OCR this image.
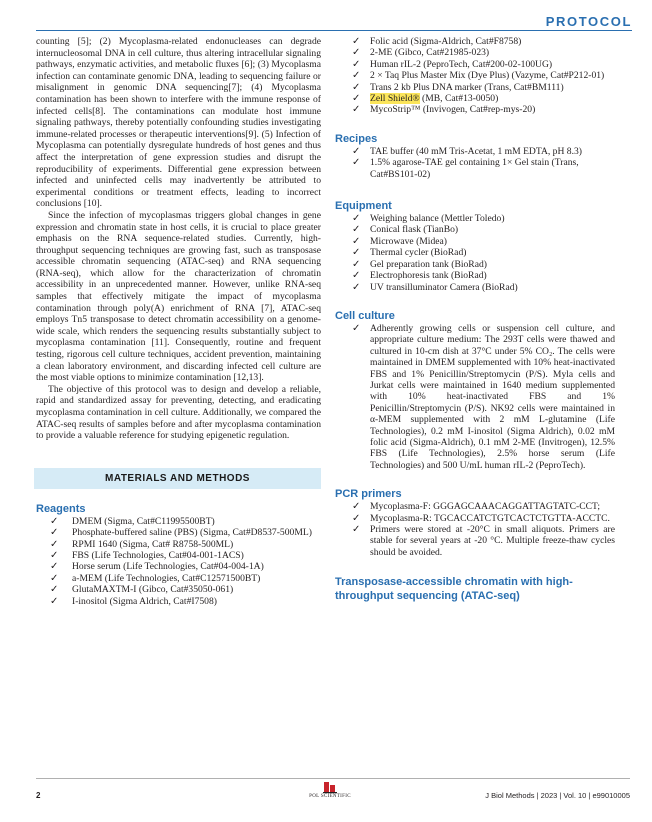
PROTOCOL

counting [5]; (2) Mycoplasma-related endonucleases can degrade internucleosomal DNA in cell culture, thus altering intracellular signaling pathways, enzymatic activities, and metabolic fluxes [6]; (3) Mycoplasma infection can contaminate genomic DNA, leading to sequencing failure or misalignment in genomic DNA sequencing[7]; (4) Mycoplasma contamination has been shown to interfere with the immune response of infected cells[8]. The contaminations can modulate host immune signaling pathways, thereby potentially confounding studies investigating immune-related processes or therapeutic interventions[9]. (5) Infection of Mycoplasma can potentially dysregulate hundreds of host genes and thus affect the interpretation of gene expression studies and disrupt the reproducibility of experiments. Differential gene expression between infected and uninfected cells may inadvertently be attributed to experimental conditions or treatment effects, leading to incorrect conclusions [10].

Since the infection of mycoplasmas triggers global changes in gene expression and chromatin state in host cells, it is crucial to place greater emphasis on the RNA sequence-related studies. Currently, high-throughput sequencing techniques are growing fast, such as transposase accessible chromatin sequencing (ATAC-seq) and RNA sequencing (RNA-seq), which allow for the characterization of chromatin accessibility in an unprecedented manner. However, unlike RNA-seq samples that effectively mitigate the impact of mycoplasma contamination through poly(A) enrichment of RNA [7], ATAC-seq employs Tn5 transposase to detect chromatin accessibility on a genome-wide scale, which renders the sequencing results substantially subject to mycoplasma contamination [11]. Consequently, routine and frequent testing, rigorous cell culture techniques, accident prevention, maintaining a clean laboratory environment, and discarding infected cell culture are the most viable options to minimize contamination [12,13].

The objective of this protocol was to design and develop a reliable, rapid and standardized assay for preventing, detecting, and eradicating mycoplasma contamination in cell culture. Additionally, we compared the ATAC-seq results of samples before and after mycoplasma contamination to provide a valuable reference for studying epigenetic regulation.

MATERIALS AND METHODS
Reagents
✓ DMEM (Sigma, Cat#C11995500BT)
✓ Phosphate-buffered saline (PBS) (Sigma, Cat#D8537-500ML)
✓ RPMI 1640 (Sigma, Cat# R8758-500ML)
✓ FBS (Life Technologies, Cat#04-001-1ACS)
✓ Horse serum (Life Technologies, Cat#04-004-1A)
✓ a-MEM (Life Technologies, Cat#C12571500BT)
✓ GlutaMAXTM-I (Gibco, Cat#35050-061)
✓ I-inositol (Sigma Aldrich, Cat#I7508)
✓ Folic acid (Sigma-Aldrich, Cat#F8758)
✓ 2-ME (Gibco, Cat#21985-023)
✓ Human rIL-2 (PeproTech, Cat#200-02-100UG)
✓ 2 × Taq Plus Master Mix (Dye Plus) (Vazyme, Cat#P212-01)
✓ Trans 2 kb Plus DNA marker (Trans, Cat#BM111)
✓ Zell Shield® (MB, Cat#13-0050)
✓ MycoStrip™ (Invivogen, Cat#rep-mys-20)
Recipes
✓ TAE buffer (40 mM Tris-Acetat, 1 mM EDTA, pH 8.3)
✓ 1.5% agarose-TAE gel containing 1× Gel stain (Trans, Cat#BS101-02)
Equipment
✓ Weighing balance (Mettler Toledo)
✓ Conical flask (TianBo)
✓ Microwave (Midea)
✓ Thermal cycler (BioRad)
✓ Gel preparation tank (BioRad)
✓ Electrophoresis tank (BioRad)
✓ UV transilluminator Camera (BioRad)
Cell culture
✓ Adherently growing cells or suspension cell culture, and appropriate culture medium: The 293T cells were thawed and cultured in 10-cm dish at 37°C under 5% CO₂. The cells were maintained in DMEM supplemented with 10% heat-inactivated FBS and 1% Penicillin/Streptomycin (P/S). Myla cells and Jurkat cells were maintained in 1640 medium supplemented with 10% heat-inactivated FBS and 1% Penicillin/Streptomycin (P/S). NK92 cells were maintained in α-MEM supplemented with 2 mM L-glutamine (Life Technologies), 0.2 mM I-inositol (Sigma Aldrich), 0.02 mM folic acid (Sigma-Aldrich), 0.1 mM 2-ME (Invitrogen), 12.5% FBS (Life Technologies), 2.5% horse serum (Life Technologies) and 500 U/mL human rIL-2 (PeproTech).
PCR primers
✓ Mycoplasma-F: GGGAGCAAACAGGATTAGTATC-CCT;
✓ Mycoplasma-R: TGCACCATCTGTCACTCTGTTA-ACCTC.
✓ Primers were stored at -20°C in small aliquots. Primers are stable for several years at -20 °C. Multiple freeze-thaw cycles should be avoided.
Transposase-accessible chromatin with high-throughput sequencing (ATAC-seq)
2	POL SCIENTIFIC	J Biol Methods | 2023 | Vol. 10 | e99010005
